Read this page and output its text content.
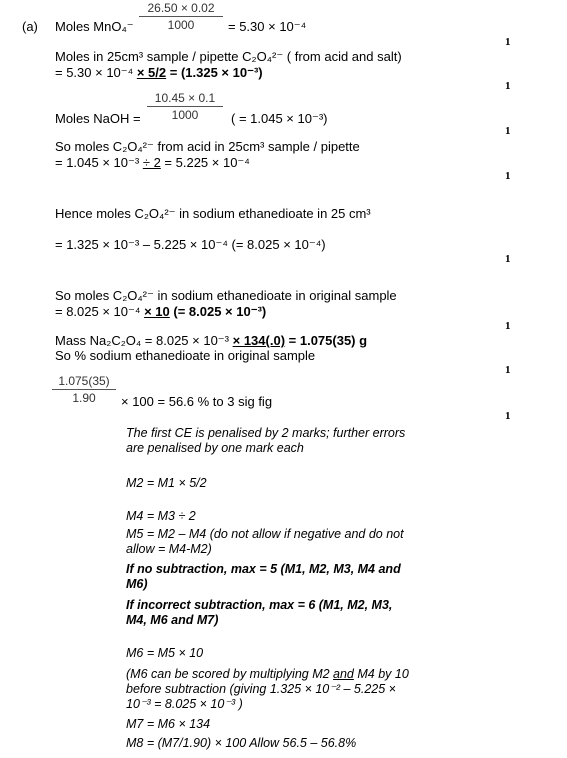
(a) Moles $MnO_4^- \frac{26.50 \times 0.02}{1000} = 5.30 \times 10^{-4}$
Moles in 25cm³ sample / pipette C₂O₄²⁻ ( from acid and salt)
= 5.30 × 10⁻⁴ × 5/2 = (1.325 × 10⁻³)
Moles NaOH = $\frac{10.45 \times 0.1}{1000}$ ( = 1.045 × 10⁻³)
So moles C₂O₄²⁻ from acid in 25cm³ sample / pipette
= 1.045 × 10⁻³ ÷ 2 = 5.225 × 10⁻⁴
Hence moles C₂O₄²⁻ in sodium ethanedioate in 25 cm³
= 1.325 × 10⁻³ – 5.225 × 10⁻⁴ (= 8.025 × 10⁻⁴)
So moles C₂O₄²⁻ in sodium ethanedioate in original sample
= 8.025 × 10⁻⁴ × 10 (= 8.025 × 10⁻³)
Mass Na₂C₂O₄ = 8.025 × 10⁻³ × 134(.0) = 1.075(35) g
So % sodium ethanedioate in original sample
$\frac{1.075(35)}{1.90} \times 100 = 56.6$ % to 3 sig fig
1
1
1
1
1
1
1
1
The first CE is penalised by 2 marks; further errors
are penalised by one mark each
M2 = M1 × 5/2
M4 = M3 ÷ 2
M5 = M2 – M4 (do not allow if negative and do not
allow = M4-M2)
If no subtraction, max = 5 (M1, M2, M3, M4 and
M6)
If incorrect subtraction, max = 6 (M1, M2, M3,
M4, M6 and M7)
M6 = M5 × 10
(M6 can be scored by multiplying M2 and M4 by 10
before subtraction (giving 1.325 × 10⁻² – 5.225 ×
10⁻³ = 8.025 × 10⁻³ )
M7 = M6 × 134
M8 = (M7/1.90) × 100 Allow 56.5 – 56.8%
